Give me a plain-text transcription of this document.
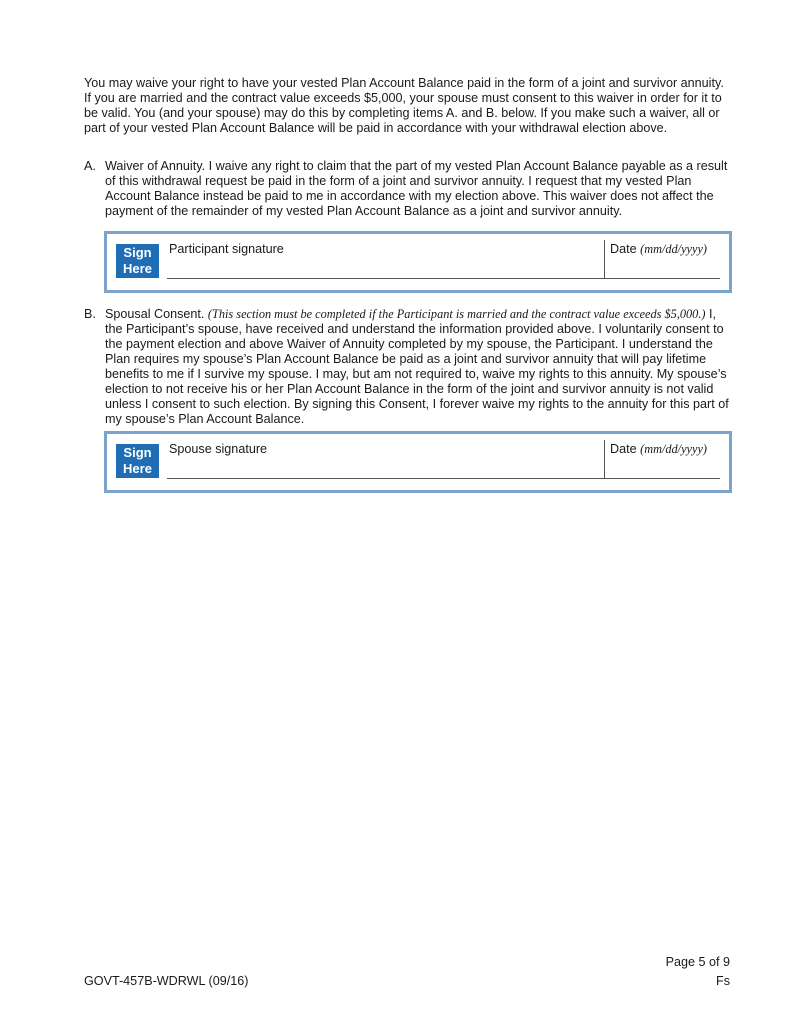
You may waive your right to have your vested Plan Account Balance paid in the form of a joint and survivor annuity. If you are married and the contract value exceeds $5,000, your spouse must consent to this waiver in order for it to be valid. You (and your spouse) may do this by completing items A. and B. below. If you make such a waiver, all or part of your vested Plan Account Balance will be paid in accordance with your withdrawal election above.
A. Waiver of Annuity. I waive any right to claim that the part of my vested Plan Account Balance payable as a result of this withdrawal request be paid in the form of a joint and survivor annuity. I request that my vested Plan Account Balance instead be paid to me in accordance with my election above. This waiver does not affect the payment of the remainder of my vested Plan Account Balance as a joint and survivor annuity.
Sign
Here
Participant signature	Date (mm/dd/yyyy)
B. Spousal Consent. (This section must be completed if the Participant is married and the contract value exceeds $5,000.) I, the Participant’s spouse, have received and understand the information provided above. I voluntarily consent to the payment election and above Waiver of Annuity completed by my spouse, the Participant. I understand the Plan requires my spouse’s Plan Account Balance be paid as a joint and survivor annuity that will pay lifetime benefits to me if I survive my spouse. I may, but am not required to, waive my rights to this annuity. My spouse’s election to not receive his or her Plan Account Balance in the form of the joint and survivor annuity is not valid unless I consent to such election. By signing this Consent, I forever waive my rights to the annuity for this part of my spouse’s Plan Account Balance.
Sign
Here
Spouse signature	Date (mm/dd/yyyy)
Page 5 of 9
GOVT-457B-WDRWL (09/16)	Fs
